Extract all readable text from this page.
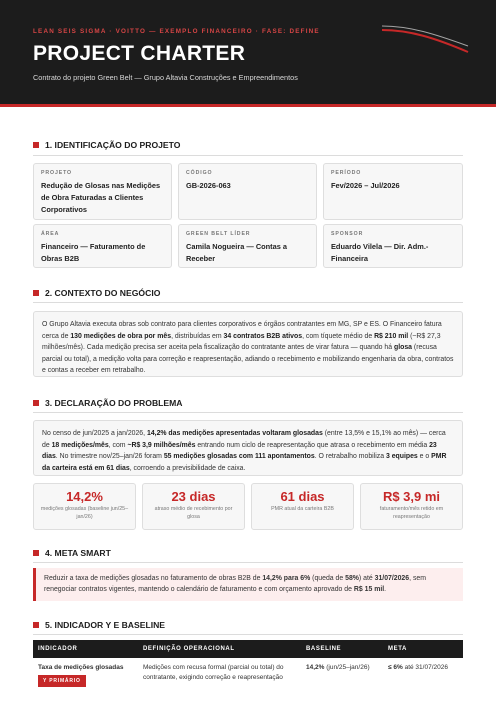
LEAN SEIS SIGMA · VOITTO — EXEMPLO FINANCEIRO · FASE: DEFINE
PROJECT CHARTER
Contrato do projeto Green Belt — Grupo Altavia Construções e Empreendimentos
1. IDENTIFICAÇÃO DO PROJETO
PROJETO
Redução de Glosas nas Medições de Obra Faturadas a Clientes Corporativos
CÓDIGO
GB-2026-063
PERÍODO
Fev/2026 – Jul/2026
ÁREA
Financeiro — Faturamento de Obras B2B
GREEN BELT LÍDER
Camila Nogueira — Contas a Receber
SPONSOR
Eduardo Vilela — Dir. Adm.-Financeira
2. CONTEXTO DO NEGÓCIO
O Grupo Altavia executa obras sob contrato para clientes corporativos e órgãos contratantes em MG, SP e ES. O Financeiro fatura cerca de 130 medições de obra por mês, distribuídas em 34 contratos B2B ativos, com tíquete médio de R$ 210 mil (~R$ 27,3 milhões/mês). Cada medição precisa ser aceita pela fiscalização do contratante antes de virar fatura — quando há glosa (recusa parcial ou total), a medição volta para correção e reapresentação, adiando o recebimento e mobilizando engenharia da obra, contratos e contas a receber em retrabalho.
3. DECLARAÇÃO DO PROBLEMA
No censo de jun/2025 a jan/2026, 14,2% das medições apresentadas voltaram glosadas (entre 13,5% e 15,1% ao mês) — cerca de 18 medições/mês, com ~R$ 3,9 milhões/mês entrando num ciclo de reapresentação que atrasa o recebimento em média 23 dias. No trimestre nov/25–jan/26 foram 55 medições glosadas com 111 apontamentos. O retrabalho mobiliza 3 equipes e o PMR da carteira está em 61 dias, corroendo a previsibilidade de caixa.
14,2%
medições glosadas (baseline jun/25–jan/26)
23 dias
atraso médio de recebimento por glosa
61 dias
PMR atual da carteira B2B
R$ 3,9 mi
faturamento/mês retido em reapresentação
4. META SMART
Reduzir a taxa de medições glosadas no faturamento de obras B2B de 14,2% para 6% (queda de 58%) até 31/07/2026, sem renegociar contratos vigentes, mantendo o calendário de faturamento e com orçamento aprovado de R$ 15 mil.
5. INDICADOR Y E BASELINE
INDICADOR	DEFINIÇÃO OPERACIONAL	BASELINE	META
Taxa de medições glosadas
Y PRIMÁRIO	Medições com recusa formal (parcial ou total) do contratante, exigindo correção e reapresentação	14,2% (jun/25–jan/26)	≤ 6% até 31/07/2026
